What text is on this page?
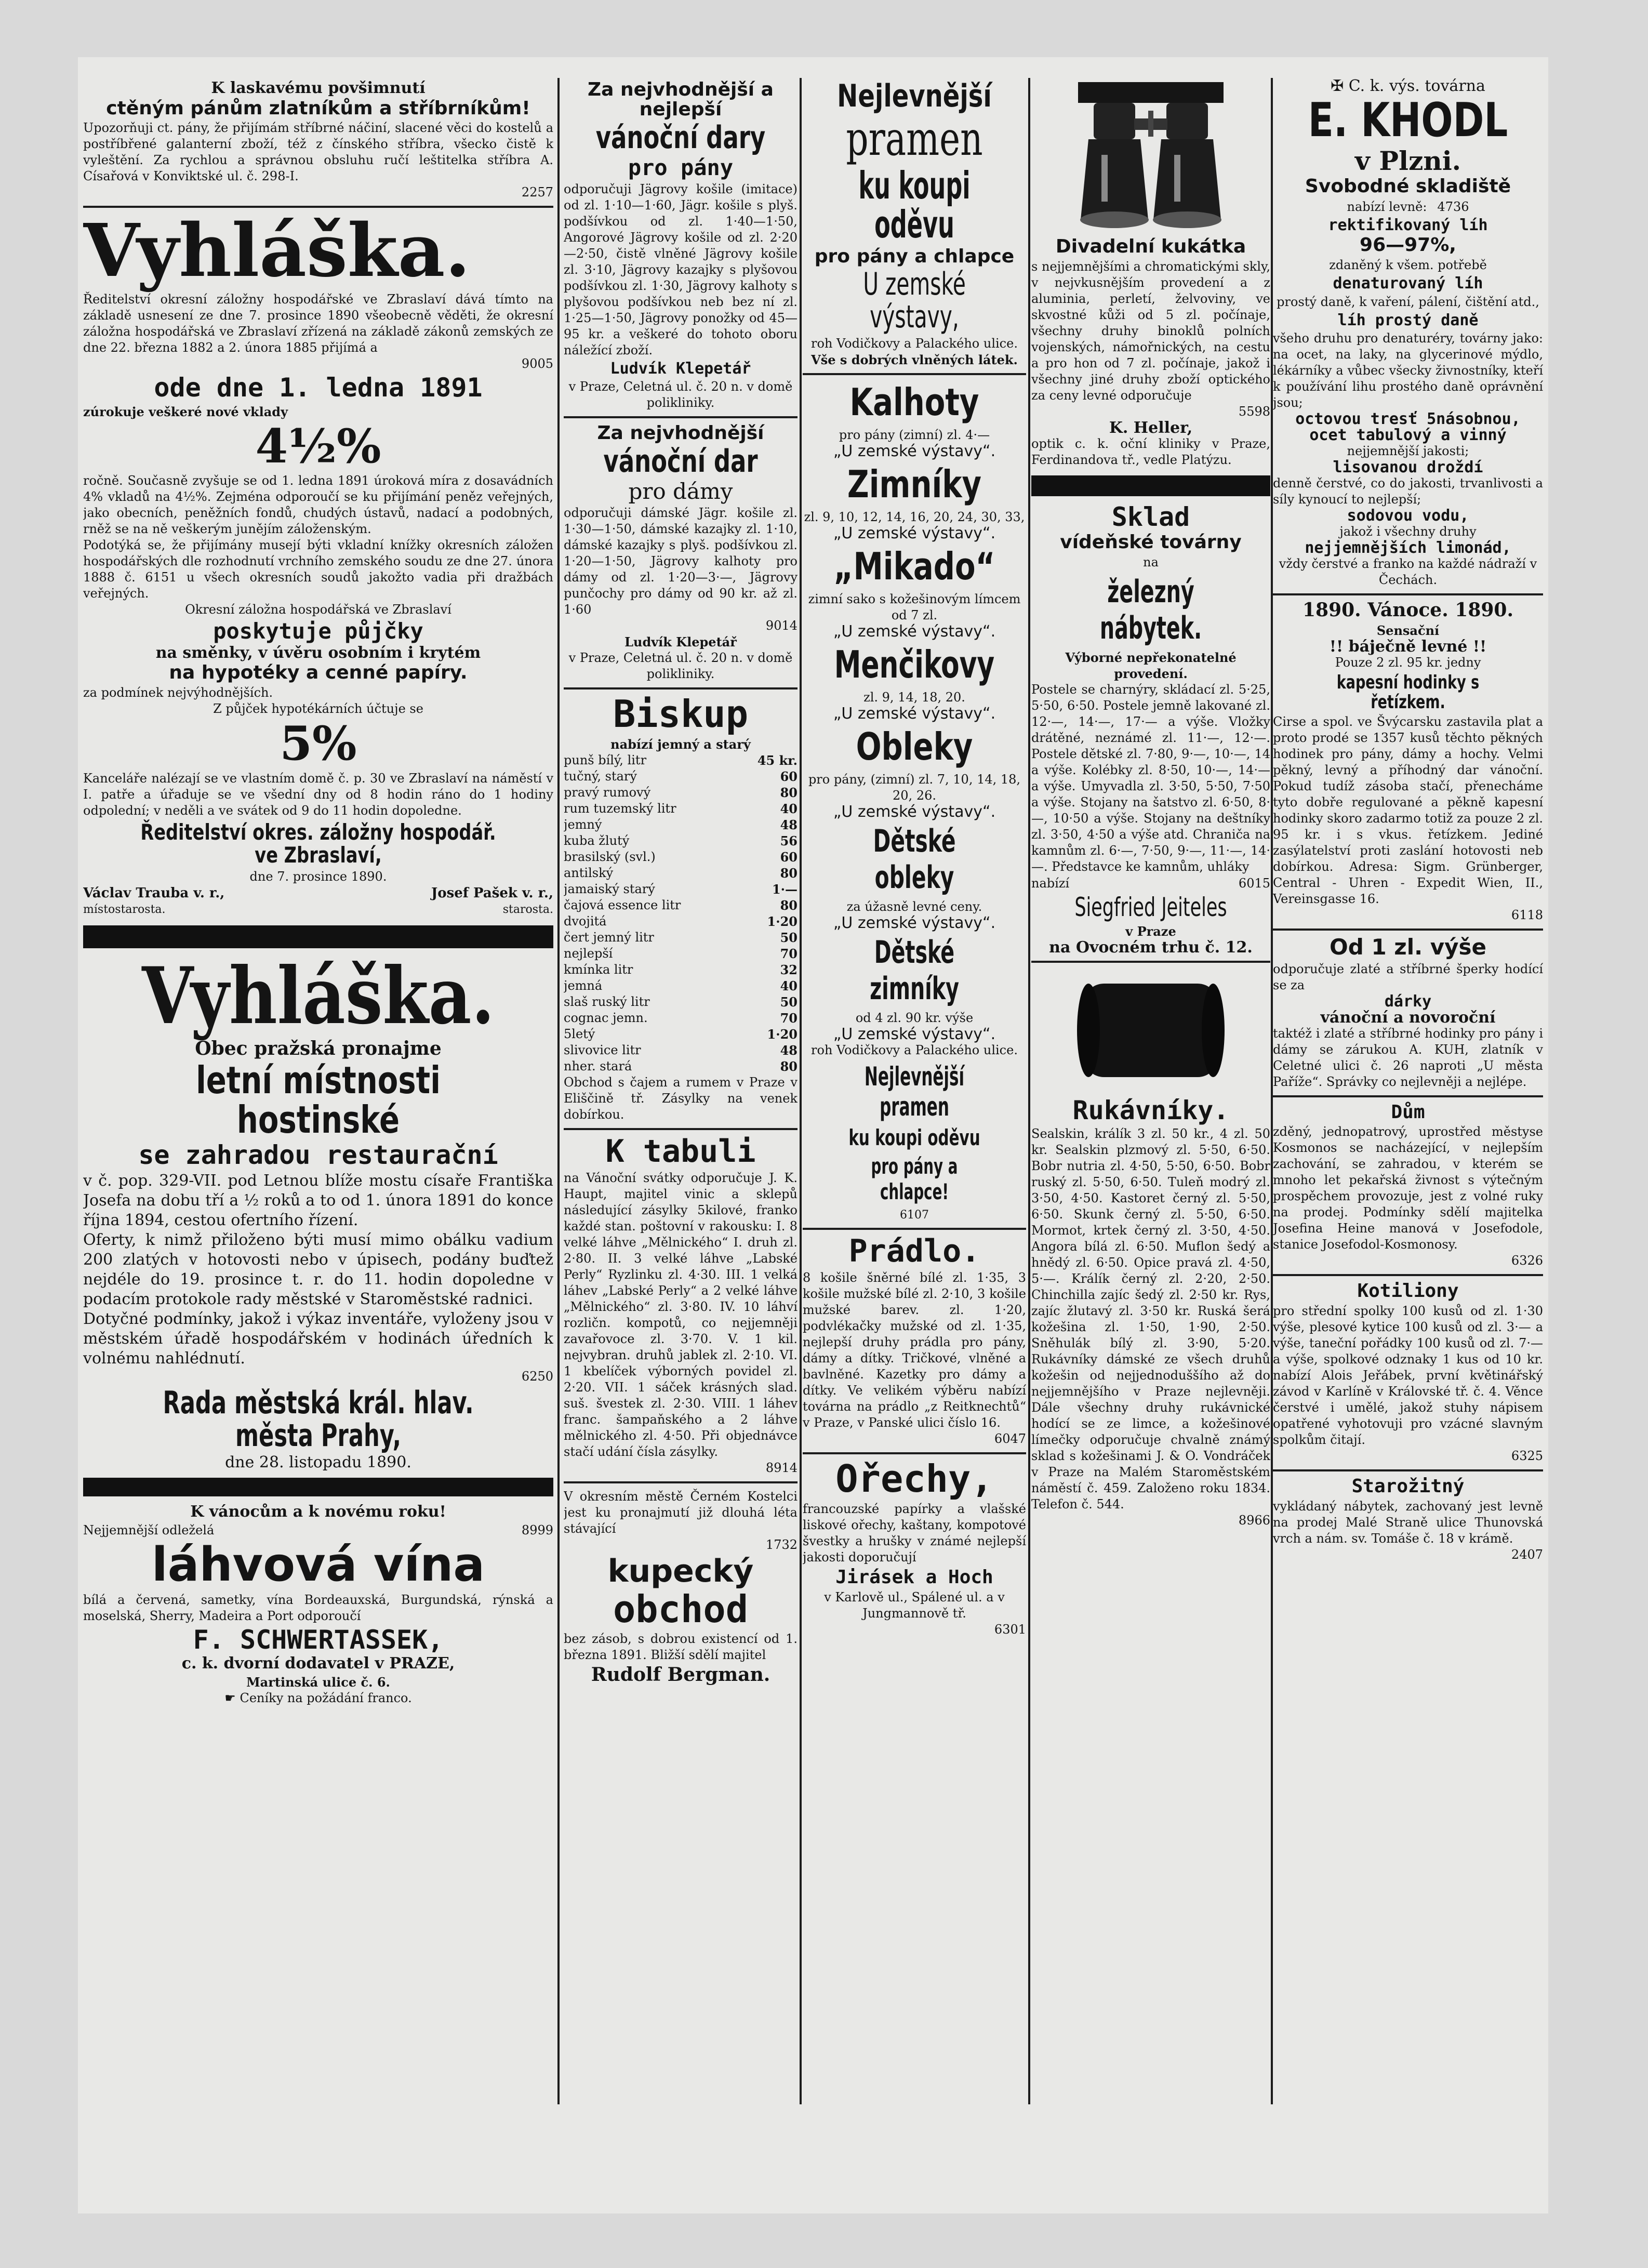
K laskavému povšimnutí

ctěným pánům zlatníkům a stříbrníkům!

Upozorňuji ct. pány, že přijímám stříbrné náčiní, slacené věci do kostelů a postříbřené galanterní zboží, též z čínského stříbra, všecko čistě k vyleštění. Za rychlou a správnou obsluhu ručí leštitelka stříbra A. Císařová v Konviktské ul. č. 298-I.

2257

Vyhláška.

Ředitelství okresní záložny hospodářské ve Zbraslaví dává tímto na základě usnesení ze dne 7. prosince 1890 všeobecně věděti, že okresní záložna hospodářská ve Zbraslaví zřízená na základě zákonů zemských ze dne 22. března 1882 a 2. února 1885 přijímá a

9005

ode dne 1. ledna 1891

zúrokuje veškeré nové vklady

4½%

ročně. Současně zvyšuje se od 1. ledna 1891 úroková míra z dosavádních 4% vkladů na 4½%. Zejména odporoučí se ku přijímání peněz veřejných, jako obecních, peněžních fondů, chudých ústavů, nadací a podobných, rněž se na ně veškerým junějím záloženským.

Podotýká se, že přijímány musejí býti vkladní knížky okresních záložen hospodářských dle rozhodnutí vrchního zemského soudu ze dne 27. února 1888 č. 6151 u všech okresních soudů jakožto vadia při dražbách veřejných.

Okresní záložna hospodářská ve Zbraslaví

poskytuje půjčky

na směnky, v úvěru osobním i krytém

na hypotéky a cenné papíry.

za podmínek nejvýhodnějších.

Z půjček hypotékárních účtuje se

5%

Kanceláře nalézají se ve vlastním domě č. p. 30 ve Zbraslaví na náměstí v I. patře a úřaduje se ve všední dny od 8 hodin ráno do 1 hodiny odpolední; v neděli a ve svátek od 9 do 11 hodin dopoledne.

Ředitelství okres. záložny hospodář. ve Zbraslaví,

dne 7. prosince 1890.

Václav Trauba v. r.,	Josef Pašek v. r.,
místostarosta.	starosta.

Vyhláška.

Obec pražská pronajme

letní místnosti hostinské

se zahradou restaurační

v č. pop. 329-VII. pod Letnou blíže mostu císaře Františka Josefa na dobu tří a ½ roků a to od 1. února 1891 do konce října 1894, cestou ofertního řízení.

Oferty, k nimž přiloženo býti musí mimo obálku vadium 200 zlatých v hotovosti nebo v úpisech, podány buďtež nejdéle do 19. prosince t. r. do 11. hodin dopoledne v podacím protokole rady městské v Staroměstské radnici.

Dotyčné podmínky, jakož i výkaz inventáře, vyloženy jsou v městském úřadě hospodářském v hodinách úředních k volnému nahlédnutí.

6250

Rada městská král. hlav. města Prahy,

dne 28. listopadu 1890.

K vánocům a k novému roku!

Nejjemnější odleželá	8999

láhvová vína

bílá a červená, sametky, vína Bordeauxská, Burgundská, rýnská a moselská, Sherry, Madeira a Port odporoučí

F. SCHWERTASSEK,

c. k. dvorní dodavatel v PRAZE,

Martinská ulice č. 6.

☛ Ceníky na požádání franco.

Za nejvhodnější a nejlepší

vánoční dary

pro pány

odporučuji Jägrovy košile (imitace) od zl. 1·10—1·60, Jägr. košile s plyš. podšívkou od zl. 1·40—1·50, Angorové Jägrovy košile od zl. 2·20—2·50, čistě vlněné Jägrovy košile zl. 3·10, Jägrovy kazajky s plyšovou podšívkou zl. 1·30, Jägrovy kalhoty s plyšovou podšívkou neb bez ní zl. 1·25—1·50, Jägrovy ponožky od 45—95 kr. a veškeré do tohoto oboru náležící zboží.

Ludvík Klepetář

v Praze, Celetná ul. č. 20 n. v domě polikliniky.

Za nejvhodnější

vánoční dar

pro dámy

odporučuji dámské Jägr. košile zl. 1·30—1·50, dámské kazajky zl. 1·10, dámské kazajky s plyš. podšívkou zl. 1·20—1·50, Jägrovy kalhoty pro dámy od zl. 1·20—3·—, Jägrovy punčochy pro dámy od 90 kr. až zl. 1·60

9014

Ludvík Klepetář

v Praze, Celetná ul. č. 20 n. v domě polikliniky.

Biskup

nabízí jemný a starý

punš bílý, litr	45 kr.
tučný, starý	60
pravý rumový	80
rum tuzemský litr	40
jemný	48
kuba žlutý	56
brasilský (svl.)	60
antilský	80
jamaiský starý	1·—
čajová essence litr	80
dvojitá	1·20
čert jemný litr	50
nejlepší	70
kmínka litr	32
jemná	40
slaš ruský litr	50
cognac jemn.	70
5letý	1·20
slivovice litr	48
nher. stará	80

Obchod s čajem a rumem v Praze v Eliščině tř. Zásylky na venek dobírkou.

K tabuli

na Vánoční svátky odporučuje J. K. Haupt, majitel vinic a sklepů následující zásylky 5kilové, franko každé stan. poštovní v rakousku: I. 8 velké láhve „Mělnického“ I. druh zl. 2·80. II. 3 velké láhve „Labské Perly“ Ryzlinku zl. 4·30. III. 1 velká láhev „Labské Perly“ a 2 velké láhve „Mělnického“ zl. 3·80. IV. 10 láhví rozličn. kompotů, co nejjemněji zavařovoce zl. 3·70. V. 1 kil. nejvybran. druhů jablek zl. 2·10. VI. 1 kbelíček výborných povidel zl. 2·20. VII. 1 sáček krásných slad. suš. švestek zl. 2·30. VIII. 1 láhev franc. šampaňského a 2 láhve mělnického zl. 4·50. Při objednávce stačí udání čísla zásylky.

8914

V okresním městě Černém Kostelci jest ku pronajmutí již dlouhá léta stávající

1732

kupecký

obchod

bez zásob, s dobrou existencí od 1. března 1891. Bližší sdělí majitel

Rudolf Bergman.

Nejlevnější

pramen

ku koupi oděvu

pro pány a chlapce

U zemské výstavy,

roh Vodičkovy a Palackého ulice.

Vše s dobrých vlněných látek.

Kalhoty

pro pány (zimní) zl. 4·—

„U zemské výstavy“.

Zimníky

zl. 9, 10, 12, 14, 16, 20, 24, 30, 33,

„U zemské výstavy“.

„Mikado“

zimní sako s kožešinovým límcem od 7 zl.

„U zemské výstavy“.

Menčikovy

zl. 9, 14, 18, 20.

„U zemské výstavy“.

Obleky

pro pány, (zimní) zl. 7, 10, 14, 18, 20, 26.

„U zemské výstavy“.

Dětské obleky

za úžasně levné ceny.

„U zemské výstavy“.

Dětské zimníky

od 4 zl. 90 kr. výše

„U zemské výstavy“.

roh Vodičkovy a Palackého ulice.

Nejlevnější pramen

ku koupi oděvu

pro pány a chlapce!

6107

Prádlo.

8 košile šněrné bílé zl. 1·35, 3 košile mužské bílé zl. 2·10, 3 košile mužské barev. zl. 1·20, podvlékačky mužské od zl. 1·35, nejlepší druhy prádla pro pány, dámy a dítky. Tričkové, vlněné a bavlněné. Kazetky pro dámy a dítky. Ve velikém výběru nabízí továrna na prádlo „z Reitknechtů“ v Praze, v Panské ulici číslo 16.

6047

Ořechy,

francouzské papírky a vlašské liskové ořechy, kaštany, kompotové švestky a hrušky v známé nejlepší jakosti doporučují

Jirásek a Hoch

v Karlově ul., Spálené ul. a v Jungmannově tř.

6301

Divadelní kukátka

s nejjemnějšími a chromatickými skly, v nejvkusnějším provedení a z aluminia, perletí, želvoviny, ve skvostné kůži od 5 zl. počínaje, všechny druhy binoklů polních vojenských, námořnických, na cestu a pro hon od 7 zl. počínaje, jakož i všechny jiné druhy zboží optického za ceny levné odporučuje

5598

K. Heller,

optik c. k. oční kliniky v Praze, Ferdinandova tř., vedle Platýzu.

Sklad

vídeňské továrny

na

železný nábytek.

Výborné nepřekonatelné provedení.

Postele se charnýry, skládací zl. 5·25, 5·50, 6·50. Postele jemně lakované zl. 12·—, 14·—, 17·— a výše. Vložky drátěné, neznámé zl. 11·—, 12·—. Postele dětské zl. 7·80, 9·—, 10·—, 14 a výše. Kolébky zl. 8·50, 10·—, 14·— a výše. Umyvadla zl. 3·50, 5·50, 7·50 a výše. Stojany na šatstvo zl. 6·50, 8·—, 10·50 a výše. Stojany na deštníky zl. 3·50, 4·50 a výše atd. Chraniča na kamnům zl. 6·—, 7·50, 9·—, 11·—, 14·—. Představce ke kamnům, uhláky

nabízí	6015

Siegfried Jeiteles

v Praze

na Ovocném trhu č. 12.

Rukávníky.

Sealskin, králík 3 zl. 50 kr., 4 zl. 50 kr. Sealskin plzmový zl. 5·50, 6·50. Bobr nutria zl. 4·50, 5·50, 6·50. Bobr ruský zl. 5·50, 6·50. Tuleň modrý zl. 3·50, 4·50. Kastoret černý zl. 5·50, 6·50. Skunk černý zl. 5·50, 6·50. Mormot, krtek černý zl. 3·50, 4·50. Angora bílá zl. 6·50. Muflon šedý a hnědý zl. 6·50. Opice pravá zl. 4·50, 5·—. Králík černý zl. 2·20, 2·50. Chinchilla zajíc šedý zl. 2·50 kr. Rys, zajíc žlutavý zl. 3·50 kr. Ruská šerá kožešina zl. 1·50, 1·90, 2·50. Sněhulák bílý zl. 3·90, 5·20. Rukávníky dámské ze všech druhů kožešin od nejjednoduššího až do nejjemnějšího v Praze nejlevněji. Dále všechny druhy rukávnické hodící se ze limce, a kožešinové límečky odporučuje chvalně známý sklad s kožešinami J. & O. Vondráček v Praze na Malém Staroměstském náměstí č. 459. Založeno roku 1834. Telefon č. 544.

8966

✠ C. k. výs. továrna

E. KHODL

v Plzni.

Svobodné skladiště

nabízí levně: 4736

rektifikovaný líh

96—97%,

zdaněný k všem. potřebě

denaturovaný líh

prostý daně, k vaření, pálení, čištění atd.,

líh prostý daně

všeho druhu pro denaturéry, továrny jako: na ocet, na laky, na glycerinové mýdlo, lékárníky a vůbec všecky živnostníky, kteří k používání lihu prostého daně oprávnění jsou;

octovou tresť 5násobnou, ocet tabulový a vinný

nejjemnější jakosti;

lisovanou droždí

denně čerstvé, co do jakosti, trvanlivosti a síly kynoucí to nejlepší;

sodovou vodu,

jakož i všechny druhy

nejjemnějších limonád,

vždy čerstvé a franko na každé nádraží v Čechách.

1890. Vánoce. 1890.

Sensační

!! báječně levné !!

Pouze 2 zl. 95 kr. jedny

kapesní hodinky s řetízkem.

Cirse a spol. ve Švýcarsku zastavila plat a proto prodé se 1357 kusů těchto pěkných hodinek pro pány, dámy a hochy. Velmi pěkný, levný a příhodný dar vánoční. Pokud tudíž zásoba stačí, přenecháme tyto dobře regulované a pěkně kapesní hodinky skoro zadarmo totiž za pouze 2 zl. 95 kr. i s vkus. řetízkem. Jediné zasýlatelství proti zaslání hotovosti neb dobírkou. Adresa: Sigm. Grünberger, Central - Uhren - Expedit Wien, II., Vereinsgasse 16.

6118

Od 1 zl. výše

odporučuje zlaté a stříbrné šperky hodící se za

dárky

vánoční a novoroční

taktéž i zlaté a stříbrné hodinky pro pány i dámy se zárukou A. KUH, zlatník v Celetné ulici č. 26 naproti „U města Paříže“. Správky co nejlevněji a nejlépe.

Dům

zděný, jednopatrový, uprostřed městyse Kosmonos se nacházející, v nejlepším zachování, se zahradou, v kterém se mnoho let pekařská živnost s výtečným prospěchem provozuje, jest z volné ruky na prodej. Podmínky sdělí majitelka Josefina Heine manová v Josefodole, stanice Josefodol-Kosmonosy.

6326

Kotiliony

pro střední spolky 100 kusů od zl. 1·30 výše, plesové kytice 100 kusů od zl. 3·— a výše, taneční pořádky 100 kusů od zl. 7·— a výše, spolkové odznaky 1 kus od 10 kr. nabízí Alois Jeřábek, první květinářský závod v Karlíně v Královské tř. č. 4. Věnce čerstvé i umělé, jakož stuhy nápisem opatřené vyhotovuji pro vzácné slavným spolkům čitají.

6325

Starožitný

vykládaný nábytek, zachovaný jest levně na prodej Malé Straně ulice Thunovská vrch a nám. sv. Tomáše č. 18 v krámě.

2407
